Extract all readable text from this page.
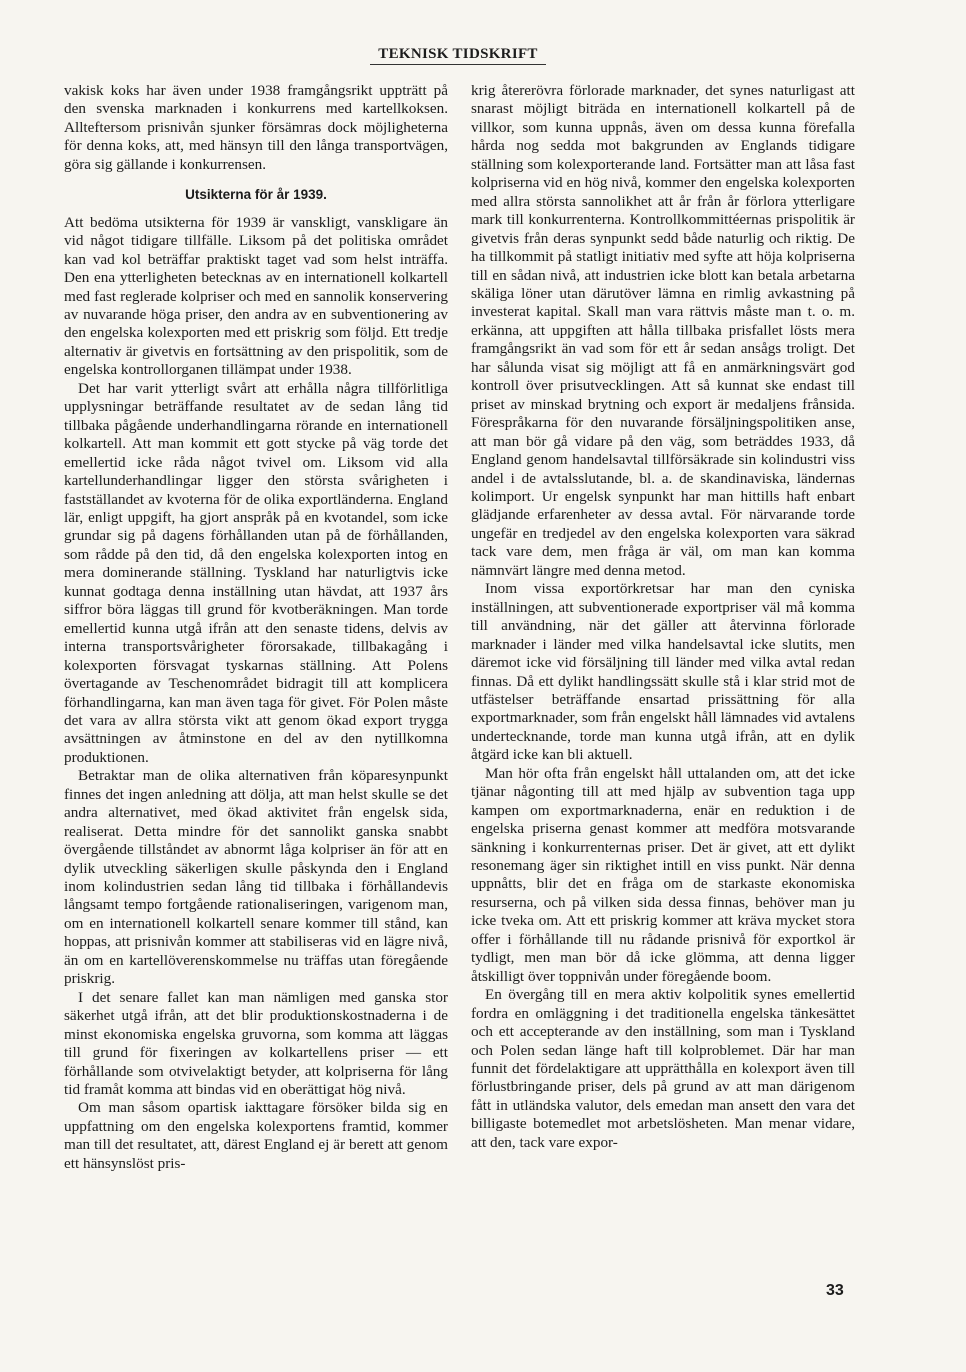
TEKNISK TIDSKRIFT

vakisk koks har även under 1938 framgångsrikt uppträtt på den svenska marknaden i konkurrens med kartellkoksen. Allteftersom prisnivån sjunker försämras dock möjligheterna för denna koks, att, med hänsyn till den långa transportvägen, göra sig gällande i konkurrensen.

Utsikterna för år 1939.

Att bedöma utsikterna för 1939 är vanskligt, vanskligare än vid något tidigare tillfälle. Liksom på det politiska området kan vad kol beträffar praktiskt taget vad som helst inträffa. Den ena ytterligheten betecknas av en internationell kolkartell med fast reglerade kolpriser och med en sannolik konservering av nuvarande höga priser, den andra av en subventionering av den engelska kolexporten med ett priskrig som följd. Ett tredje alternativ är givetvis en fortsättning av den prispolitik, som de engelska kontrollorganen tillämpat under 1938.

Det har varit ytterligt svårt att erhålla några tillförlitliga upplysningar beträffande resultatet av de sedan lång tid tillbaka pågående underhandlingarna rörande en internationell kolkartell. Att man kommit ett gott stycke på väg torde det emellertid icke råda något tvivel om. Liksom vid alla kartellunderhandlingar ligger den största svårigheten i fastställandet av kvoterna för de olika exportländerna. England lär, enligt uppgift, ha gjort anspråk på en kvotandel, som icke grundar sig på dagens förhållanden utan på de förhållanden, som rådde på den tid, då den engelska kolexporten intog en mera dominerande ställning. Tyskland har naturligtvis icke kunnat godtaga denna inställning utan hävdat, att 1937 års siffror böra läggas till grund för kvotberäkningen. Man torde emellertid kunna utgå ifrån att den senaste tidens, delvis av interna transportsvårigheter förorsakade, tillbakagång i kolexporten försvagat tyskarnas ställning. Att Polens övertagande av Teschenområdet bidragit till att komplicera förhandlingarna, kan man även taga för givet. För Polen måste det vara av allra största vikt att genom ökad export trygga avsättningen av åtminstone en del av den nytillkomna produktionen.

Betraktar man de olika alternativen från köparesynpunkt finnes det ingen anledning att dölja, att man helst skulle se det andra alternativet, med ökad aktivitet från engelsk sida, realiserat. Detta mindre för det sannolikt ganska snabbt övergående tillståndet av abnormt låga kolpriser än för att en dylik utveckling säkerligen skulle påskynda den i England inom kolindustrien sedan lång tid tillbaka i förhållandevis långsamt tempo fortgående rationaliseringen, varigenom man, om en internationell kolkartell senare kommer till stånd, kan hoppas, att prisnivån kommer att stabiliseras vid en lägre nivå, än om en kartellöverenskommelse nu träffas utan föregående priskrig.

I det senare fallet kan man nämligen med ganska stor säkerhet utgå ifrån, att det blir produktionskostnaderna i de minst ekonomiska engelska gruvorna, som komma att läggas till grund för fixeringen av kolkartellens priser — ett förhållande som otvivelaktigt betyder, att kolpriserna för lång tid framåt komma att bindas vid en oberättigat hög nivå.

Om man såsom opartisk iakttagare försöker bilda sig en uppfattning om den engelska kolexportens framtid, kommer man till det resultatet, att, därest England ej är berett att genom ett hänsynslöst pris-

krig återerövra förlorade marknader, det synes naturligast att snarast möjligt biträda en internationell kolkartell på de villkor, som kunna uppnås, även om dessa kunna förefalla hårda nog sedda mot bakgrunden av Englands tidigare ställning som kolexporterande land. Fortsätter man att låsa fast kolpriserna vid en hög nivå, kommer den engelska kolexporten med allra största sannolikhet att år från år förlora ytterligare mark till konkurrenterna. Kontrollkommittéernas prispolitik är givetvis från deras synpunkt sedd både naturlig och riktig. De ha tillkommit på statligt initiativ med syfte att höja kolpriserna till en sådan nivå, att industrien icke blott kan betala arbetarna skäliga löner utan därutöver lämna en rimlig avkastning på investerat kapital. Skall man vara rättvis måste man t. o. m. erkänna, att uppgiften att hålla tillbaka prisfallet lösts mera framgångsrikt än vad som för ett år sedan ansågs troligt. Det har sålunda visat sig möjligt att få en anmärkningsvärt god kontroll över prisutvecklingen. Att så kunnat ske endast till priset av minskad brytning och export är medaljens frånsida. Förespråkarna för den nuvarande försäljningspolitiken anse, att man bör gå vidare på den väg, som beträddes 1933, då England genom handelsavtal tillförsäkrade sin kolindustri viss andel i de avtalsslutande, bl. a. de skandinaviska, ländernas kolimport. Ur engelsk synpunkt har man hittills haft enbart glädjande erfarenheter av dessa avtal. För närvarande torde ungefär en tredjedel av den engelska kolexporten vara säkrad tack vare dem, men fråga är väl, om man kan komma nämnvärt längre med denna metod.

Inom vissa exportörkretsar har man den cyniska inställningen, att subventionerade exportpriser väl må komma till användning, när det gäller att återvinna förlorade marknader i länder med vilka handelsavtal icke slutits, men däremot icke vid försäljning till länder med vilka avtal redan finnas. Då ett dylikt handlingssätt skulle stå i klar strid mot de utfästelser beträffande ensartad prissättning för alla exportmarknader, som från engelskt håll lämnades vid avtalens undertecknande, torde man kunna utgå ifrån, att en dylik åtgärd icke kan bli aktuell.

Man hör ofta från engelskt håll uttalanden om, att det icke tjänar någonting till att med hjälp av subvention taga upp kampen om exportmarknaderna, enär en reduktion i de engelska priserna genast kommer att medföra motsvarande sänkning i konkurrenternas priser. Det är givet, att ett dylikt resonemang äger sin riktighet intill en viss punkt. När denna uppnåtts, blir det en fråga om de starkaste ekonomiska resurserna, och på vilken sida dessa finnas, behöver man ju icke tveka om. Att ett priskrig kommer att kräva mycket stora offer i förhållande till nu rådande prisnivå för exportkol är tydligt, men man bör då icke glömma, att denna ligger åtskilligt över toppnivån under föregående boom.

En övergång till en mera aktiv kolpolitik synes emellertid fordra en omläggning i det traditionella engelska tänkesättet och ett accepterande av den inställning, som man i Tyskland och Polen sedan länge haft till kolproblemet. Där har man funnit det fördelaktigare att upprätthålla en kolexport även till förlustbringande priser, dels på grund av att man därigenom fått in utländska valutor, dels emedan man ansett den vara det billigaste botemedlet mot arbetslösheten. Man menar vidare, att den, tack vare expor-

33
